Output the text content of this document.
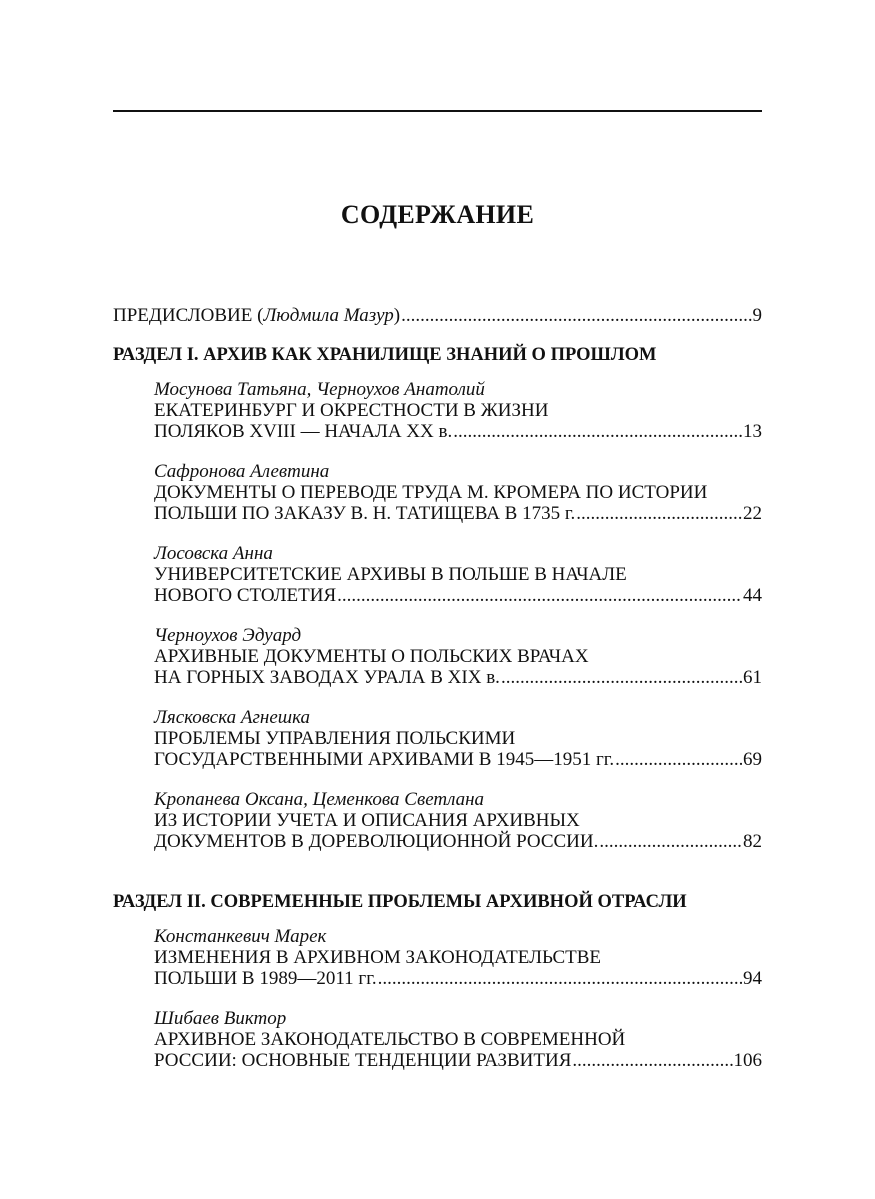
СОДЕРЖАНИЕ
ПРЕДИСЛОВИЕ (Людмила Мазур) .....	9
РАЗДЕЛ I. АРХИВ КАК ХРАНИЛИЩЕ ЗНАНИЙ О ПРОШЛОМ
Мосунова Татьяна, Черноухов Анатолий
ЕКАТЕРИНБУРГ И ОКРЕСТНОСТИ В ЖИЗНИ
ПОЛЯКОВ XVIII — НАЧАЛА XX в. .....	13
Сафронова Алевтина
ДОКУМЕНТЫ О ПЕРЕВОДЕ ТРУДА М. КРОМЕРА ПО ИСТОРИИ
ПОЛЬШИ ПО ЗАКАЗУ В. Н. ТАТИЩЕВА В 1735 г. .....	22
Лосовска Анна
УНИВЕРСИТЕТСКИЕ АРХИВЫ В ПОЛЬШЕ В НАЧАЛЕ
НОВОГО СТОЛЕТИЯ .....	44
Черноухов Эдуард
АРХИВНЫЕ ДОКУМЕНТЫ О ПОЛЬСКИХ ВРАЧАХ
НА ГОРНЫХ ЗАВОДАХ УРАЛА В XIX в. .....	61
Лясковска Агнешка
ПРОБЛЕМЫ УПРАВЛЕНИЯ ПОЛЬСКИМИ
ГОСУДАРСТВЕННЫМИ АРХИВАМИ В 1945—1951 гг. .....	69
Кропанева Оксана, Цеменкова Светлана
ИЗ ИСТОРИИ УЧЕТА И ОПИСАНИЯ АРХИВНЫХ
ДОКУМЕНТОВ В ДОРЕВОЛЮЦИОННОЙ РОССИИ. .....	82
РАЗДЕЛ II. СОВРЕМЕННЫЕ ПРОБЛЕМЫ АРХИВНОЙ ОТРАСЛИ
Констанкевич Марек
ИЗМЕНЕНИЯ В АРХИВНОМ ЗАКОНОДАТЕЛЬСТВЕ
ПОЛЬШИ В 1989—2011 гг. .....	94
Шибаев Виктор
АРХИВНОЕ ЗАКОНОДАТЕЛЬСТВО В СОВРЕМЕННОЙ
РОССИИ: ОСНОВНЫЕ ТЕНДЕНЦИИ РАЗВИТИЯ .....	106
